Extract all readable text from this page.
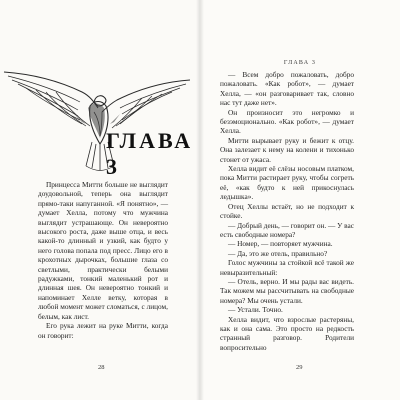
ГЛАВА 3

Принцесса Митти больше не выглядит доудовольной, теперь она выглядит прямо-таки напуганной. «Я понятно», — думает Хелла, потому что мужчина выглядит устрашающе. Он невероятно высокого роста, даже выше отца, и весь какой-то длинный и узкий, как будто у него голова попала под пресс. Лицо его в крохотных дырочках, большие глаза со светлыми, практически белыми радужками, тонкий маленький рот и длинная шея. Он невероятно тонкий и напоминает Хелле ветку, которая в любой момент может сломаться, с лицом, белым, как лист.

Его рука лежит на руке Митти, когда он говорит:

28
ГЛАВА 3

— Всем добро пожаловать, добро пожаловать. «Как робот», — думает Хелла, — «он разговаривает так, словно нас тут даже нет».

Он произносит это негромко и безэмоционально. «Как робот», — думает Хелла.

Митти вырывает руку и бежит к отцу. Она залезает к нему на колени и тихонько стонет от ужаса.

Хелла видит её слёзы носовым платком, пока Митти растирает руку, чтобы согреть её, «как будто к ней прикоснулась ледышка».

Отец Хеллы встаёт, но не подходит к стойке.

— Добрый день, — говорит он. — У вас есть свободные номера?

— Номер, — повторяет мужчина.

— Да, это же отель, правильно?

Голос мужчины за стойкой всё такой же невыразительный:

— Отель, верно. И мы рады вас видеть. Так можем мы рассчитывать на свободные номера? Мы очень устали.

— Устали. Точно.

Хелла видит, что взрослые растеряны, как и она сама. Это просто на редкость странный разговор. Родители вопросительно

29
